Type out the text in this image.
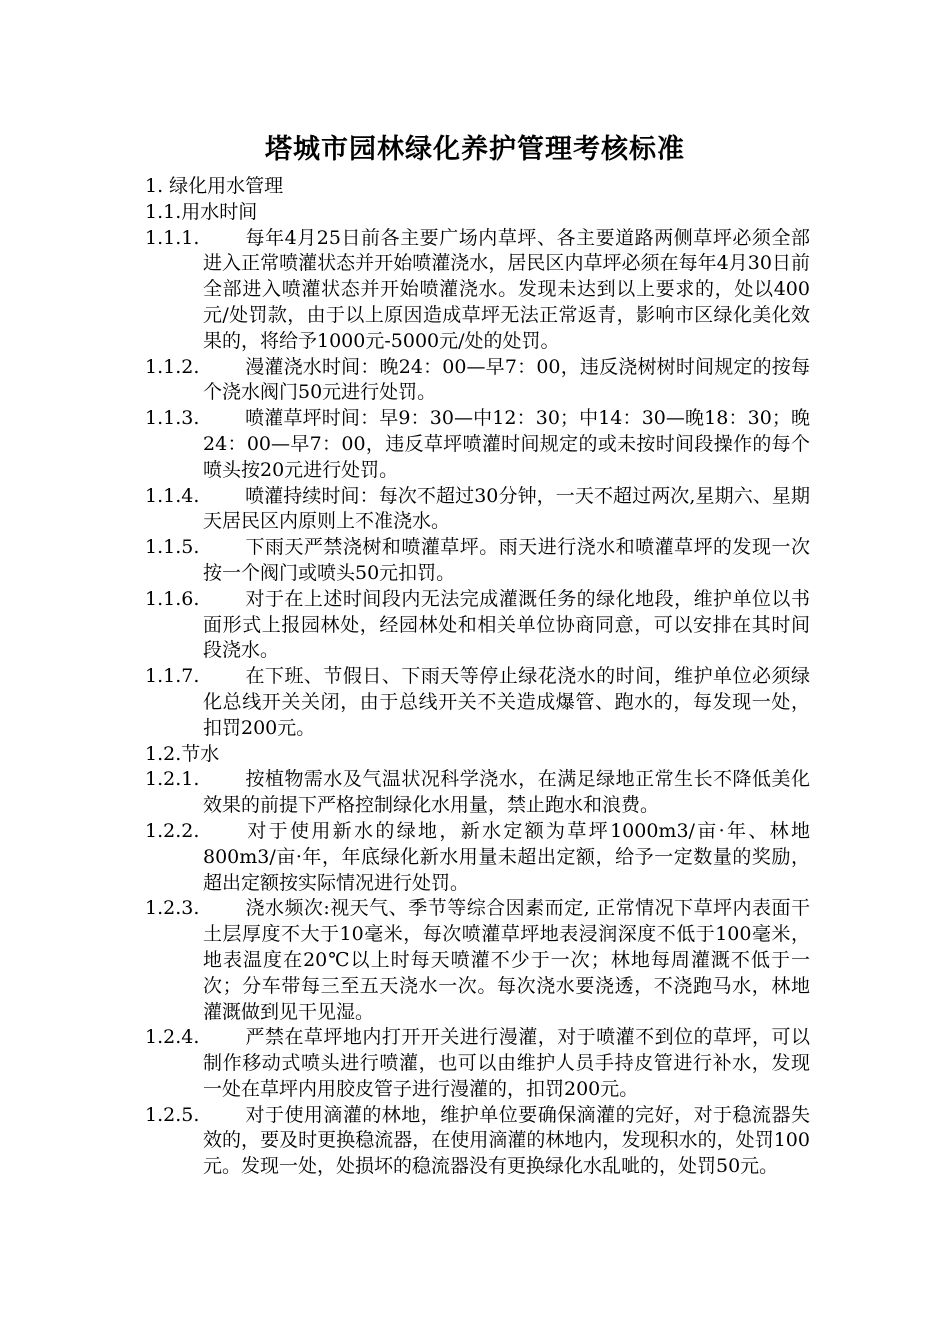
塔城市园林绿化养护管理考核标准
1. 绿化用水管理
1.1.用水时间
1.1.1.	每年4月25日前各主要广场内草坪、各主要道路两侧草坪必须全部进入正常喷灌状态并开始喷灌浇水，居民区内草坪必须在每年4月30日前全部进入喷灌状态并开始喷灌浇水。发现未达到以上要求的，处以400元/处罚款，由于以上原因造成草坪无法正常返青，影响市区绿化美化效果的，将给予1000元-5000元/处的处罚。
1.1.2.	漫灌浇水时间：晚24：00—早7：00，违反浇树树时间规定的按每个浇水阀门50元进行处罚。
1.1.3.	喷灌草坪时间：早9：30—中12：30；中14：30—晚18：30；晚24：00—早7：00，违反草坪喷灌时间规定的或未按时间段操作的每个喷头按20元进行处罚。
1.1.4.	喷灌持续时间：每次不超过30分钟，一天不超过两次,星期六、星期天居民区内原则上不准浇水。
1.1.5.	下雨天严禁浇树和喷灌草坪。雨天进行浇水和喷灌草坪的发现一次按一个阀门或喷头50元扣罚。
1.1.6.	对于在上述时间段内无法完成灌溉任务的绿化地段，维护单位以书面形式上报园林处，经园林处和相关单位协商同意，可以安排在其时间段浇水。
1.1.7.	在下班、节假日、下雨天等停止绿花浇水的时间，维护单位必须绿化总线开关关闭，由于总线开关不关造成爆管、跑水的，每发现一处，扣罚200元。
1.2.节水
1.2.1.	按植物需水及气温状况科学浇水，在满足绿地正常生长不降低美化效果的前提下严格控制绿化水用量，禁止跑水和浪费。
1.2.2.	对于使用新水的绿地，新水定额为草坪1000m3/亩·年、林地800m3/亩·年，年底绿化新水用量未超出定额，给予一定数量的奖励，超出定额按实际情况进行处罚。
1.2.3.	浇水频次:视天气、季节等综合因素而定, 正常情况下草坪内表面干土层厚度不大于10毫米，每次喷灌草坪地表浸润深度不低于100毫米，地表温度在20℃以上时每天喷灌不少于一次；林地每周灌溉不低于一次；分车带每三至五天浇水一次。每次浇水要浇透，不浇跑马水，林地灌溉做到见干见湿。
1.2.4.	严禁在草坪地内打开开关进行漫灌，对于喷灌不到位的草坪，可以制作移动式喷头进行喷灌，也可以由维护人员手持皮管进行补水，发现一处在草坪内用胶皮管子进行漫灌的，扣罚200元。
1.2.5.	对于使用滴灌的林地，维护单位要确保滴灌的完好，对于稳流器失效的，要及时更换稳流器，在使用滴灌的林地内，发现积水的，处罚100元。发现一处，处损坏的稳流器没有更换绿化水乱呲的，处罚50元。
